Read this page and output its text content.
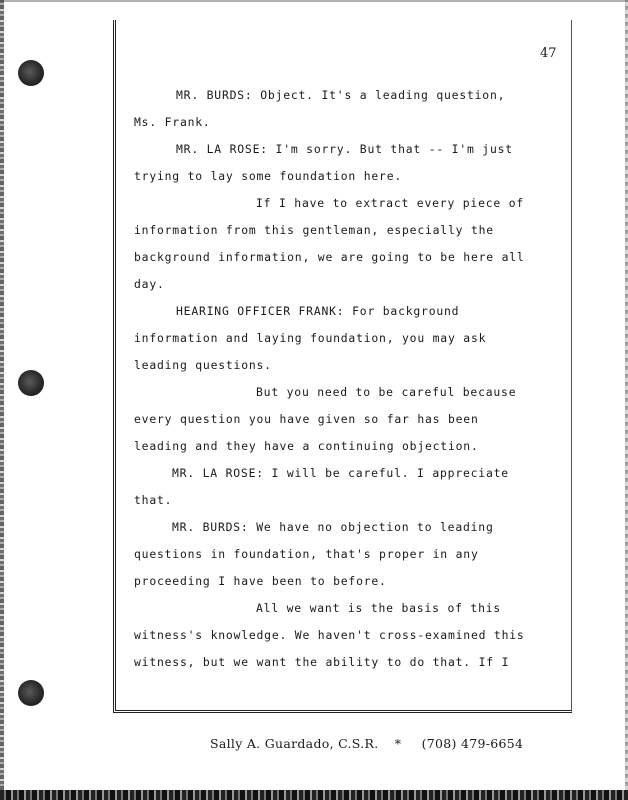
47
MR. BURDS: Object. It's a leading question,
Ms. Frank.
MR. LA ROSE: I'm sorry. But that -- I'm just
trying to lay some foundation here.
If I have to extract every piece of
information from this gentleman, especially the
background information, we are going to be here all
day.
HEARING OFFICER FRANK: For background
information and laying foundation, you may ask
leading questions.
But you need to be careful because
every question you have given so far has been
leading and they have a continuing objection.
MR. LA ROSE: I will be careful. I appreciate
that.
MR. BURDS: We have no objection to leading
questions in foundation, that's proper in any
proceeding I have been to before.
All we want is the basis of this
witness's knowledge. We haven't cross-examined this
witness, but we want the ability to do that. If I
Sally A. Guardado, C.S.R. * (708) 479-6654
